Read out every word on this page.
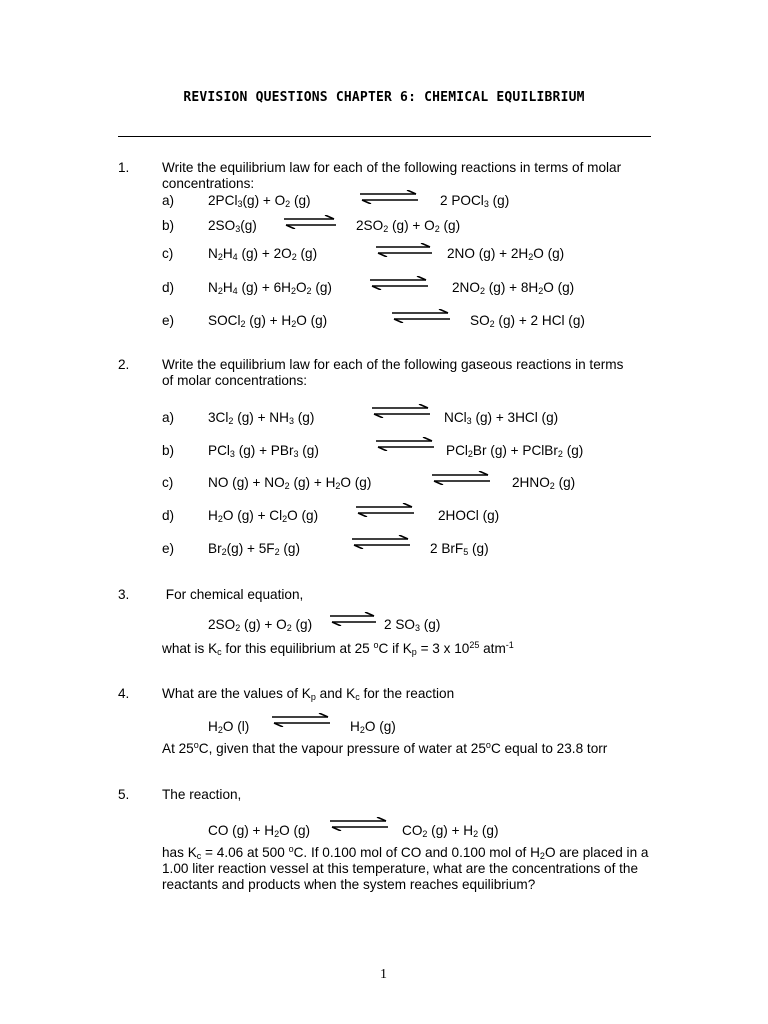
REVISION QUESTIONS CHAPTER 6: CHEMICAL EQUILIBRIUM
1. Write the equilibrium law for each of the following reactions in terms of molar
concentrations:
a) $2PCl_3(g) + O_2$ (g)	2 POCl$_3$ (g)
b) $2SO_3(g)$ ⇌ $2SO_2$ $(g) + O_2$ (g)
c)	$N_2H_4$ $(g) + 2O_2$ (g)	2NO $(g) + 2H_2O$ (g)
d) $N_2H_4$ $(g) + 6H_2O_2$ (g)	$2NO_2$ $(g) + 8H_2O$ (g)
e) SOCl$_2$ $(g) + H_2O$ (g)	$SO_2$ (g) + 2 HCl (g)
2. Write the equilibrium law for each of the following gaseous reactions in terms
of molar concentrations:
a) $3Cl_2$ $(g) + NH_3$ (g)	NCl$_3$ (g) + 3HCl (g)
b) PCl$_3$ (g) + PBr$_3$ (g)	PCl$_2$Br (g) + PClBr$_2$ (g)
c)	NO $(g) + NO_2$ $(g) + H_2O$ (g)	$2HNO_2$ (g)
d) $H_2O$ $(g) + Cl_2O$ (g)	2HOCl (g)
e) $Br_2(g) + 5F_2$ (g)	2 BrF$_5$ (g)
3. For chemical equation,
$2SO_2$ $(g) + O_2$ (g) ⇌ 2 $SO_3$ (g)
what is $K_c$ for this equilibrium at 25 $^o$C if $K_p = 3$ x $10^{25}$ atm$^{-1}$
4. What are the values of $K_p$ and $K_c$ for the reaction
$H_2O$ (l)	$H_2O$ (g)
At 25$^o$C, given that the vapour pressure of water at 25$^o$C equal to 23.8 torr
5. The reaction,
CO $(g) + H_2O$ (g)	$CO_2$ $(g) + H_2$ (g)
has $K_c = 4.06$ at 500 $^o$C. If 0.100 mol of CO and 0.100 mol of $H_2O$ are placed in a 1.00 liter reaction vessel at this temperature, what are the concentrations of the reactants and products when the system reaches equilibrium?
1
